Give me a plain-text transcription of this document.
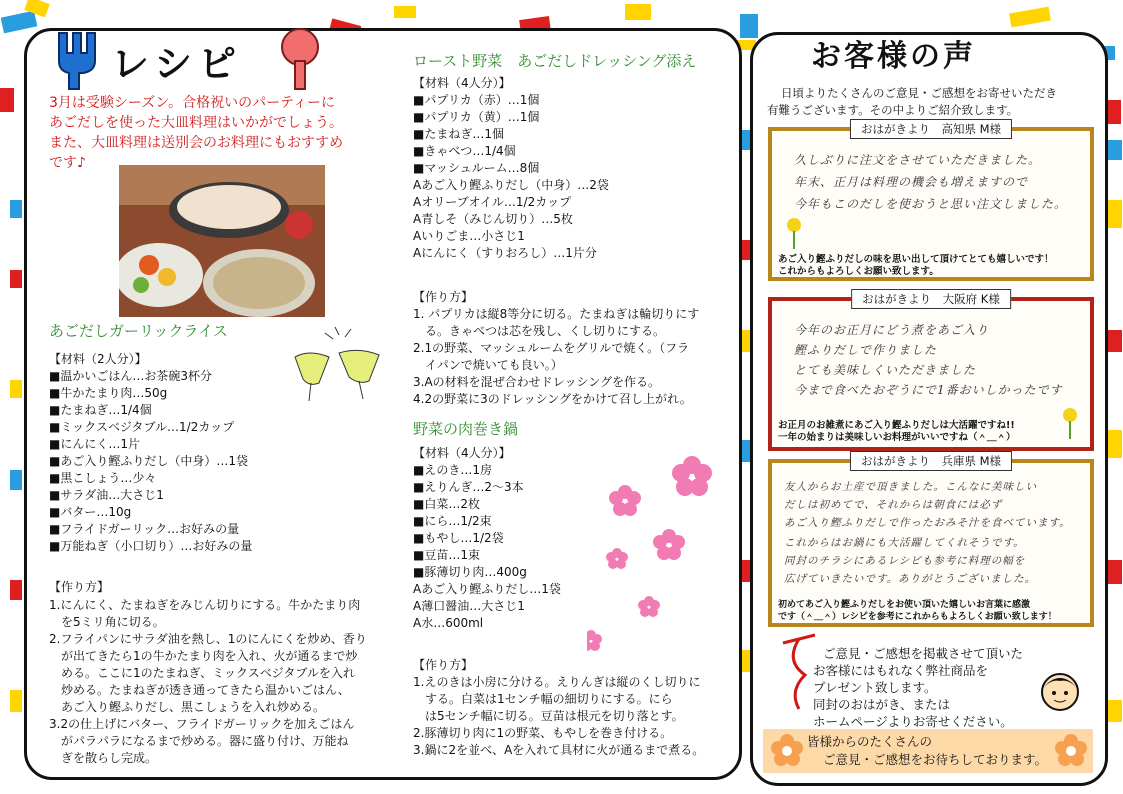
レシピ
3月は受験シーズン。合格祝いのパーティーに
あごだしを使った大皿料理はいかがでしょう。
また、大皿料理は送別会のお料理にもおすすめ
です♪
あごだしガーリックライス
【材料（2人分）】
■温かいごはん…お茶碗3杯分
■牛かたまり肉…50g
■たまねぎ…1/4個
■ミックスベジタブル…1/2カップ
■にんにく…1片
■あご入り鰹ふりだし（中身）…1袋
■黒こしょう…少々
■サラダ油…大さじ1
■バター…10g
■フライドガーリック…お好みの量
■万能ねぎ（小口切り）…お好みの量
【作り方】
1.にんにく、たまねぎをみじん切りにする。牛かたまり肉
　を5ミリ角に切る。
2.フライパンにサラダ油を熱し、1のにんにくを炒め、香り
　が出てきたら1の牛かたまり肉を入れ、火が通るまで炒
　める。ここに1のたまねぎ、ミックスベジタブルを入れ
　炒める。たまねぎが透き通ってきたら温かいごはん、
　あご入り鰹ふりだし、黒こしょうを入れ炒める。
3.2の仕上げにバター、フライドガーリックを加えごはん
　がパラパラになるまで炒める。器に盛り付け、万能ね
　ぎを散らし完成。
ロースト野菜　あごだしドレッシング添え
【材料（4人分）】
■パプリカ（赤）…1個
■パプリカ（黄）…1個
■たまねぎ…1個
■きゃべつ…1/4個
■マッシュルーム…8個
Aあご入り鰹ふりだし（中身）…2袋
Aオリーブオイル…1/2カップ
A青しそ（みじん切り）…5枚
Aいりごま…小さじ1
Aにんにく（すりおろし）…1片分
【作り方】
1. パプリカは縦8等分に切る。たまねぎは輪切りにす
　る。きゃべつは芯を残し、くし切りにする。
2.1の野菜、マッシュルームをグリルで焼く。（フラ
　イパンで焼いても良い。）
3.Aの材料を混ぜ合わせドレッシングを作る。
4.2の野菜に3のドレッシングをかけて召し上がれ。
野菜の肉巻き鍋
【材料（4人分）】
■えのき…1房
■えりんぎ…2～3本
■白菜…2枚
■にら…1/2束
■もやし…1/2袋
■豆苗…1束
■豚薄切り肉…400g
Aあご入り鰹ふりだし…1袋
A薄口醤油…大さじ1
A水…600ml
【作り方】
1.えのきは小房に分ける。えりんぎは縦のくし切りに
　する。白菜は1センチ幅の細切りにする。にら
　は5センチ幅に切る。豆苗は根元を切り落とす。
2.豚薄切り肉に1の野菜、もやしを巻き付ける。
3.鍋に2を並べ、Aを入れて具材に火が通るまで煮る。
お客様の声
日頃よりたくさんのご意見・ご感想をお寄せいただき
有難うございます。その中よりご紹介致します。
おはがきより　高知県 M様
久しぶりに注文をさせていただきました。
年末、正月は料理の機会も増えますので
今年もこのだしを使おうと思い注文しました。
あご入り鰹ふりだしの味を思い出して頂けてとても嬉しいです！
これからもよろしくお願い致します。
おはがきより　大阪府 K様
今年のお正月にどう煮をあご入り
鰹ふりだしで作りました
とても美味しくいただきました
今まで食べたおぞうにで1番おいしかったです
お正月のお雑煮にあご入り鰹ふりだしは大活躍ですね!!
一年の始まりは美味しいお料理がいいですね（＾＿＾）
おはがきより　兵庫県 M様
友人からお土産で頂きました。こんなに美味しい
だしは初めてで、それからは朝食には必ず
あご入り鰹ふりだしで作ったおみそ汁を食べています。
これからはお鍋にも大活躍してくれそうです。
同封のチラシにあるレシピも参考に料理の幅を
広げていきたいです。ありがとうございました。
初めてあご入り鰹ふりだしをお使い頂いた嬉しいお言葉に感激
です（＾＿＾）レシピを参考にこれからもよろしくお願い致します！
ご意見・ご感想を掲載させて頂いた
お客様にはもれなく弊社商品を
プレゼント致します。
同封のおはがき、または
ホームページよりお寄せください。
皆様からのたくさんの
ご意見・ご感想をお待ちしております。
